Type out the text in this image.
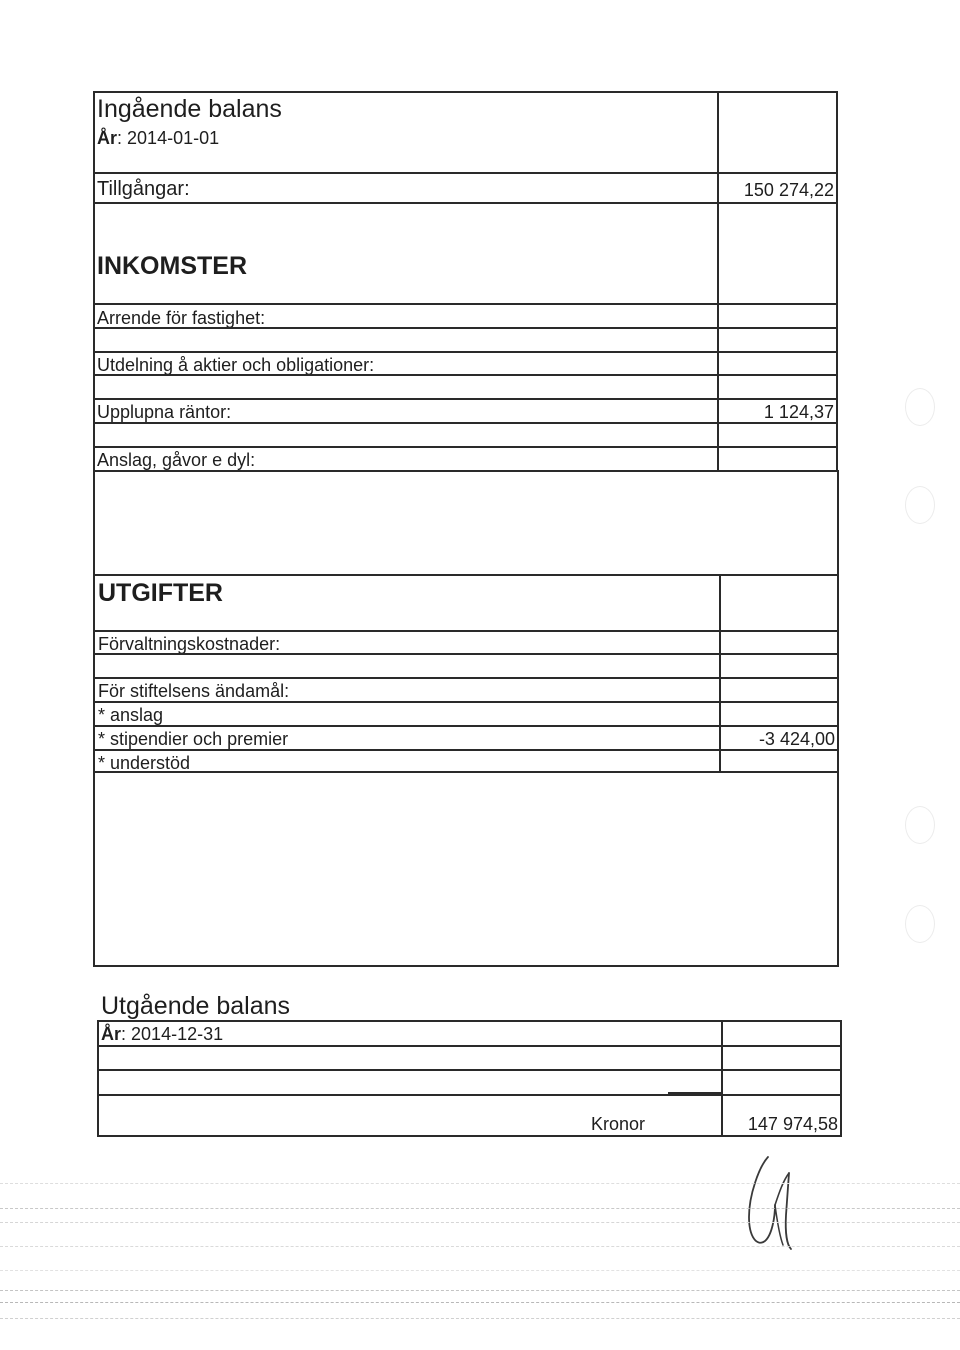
Ingående balans
År: 2014-01-01
Tillgångar:	150 274,22
INKOMSTER
Arrende för fastighet:
Utdelning å aktier och obligationer:
Upplupna räntor:	1 124,37
Anslag, gåvor e dyl:
UTGIFTER
Förvaltningskostnader:
För stiftelsens ändamål:
* anslag
* stipendier och premier	-3 424,00
* understöd
Utgående balans
År: 2014-12-31
Kronor	147 974,58
